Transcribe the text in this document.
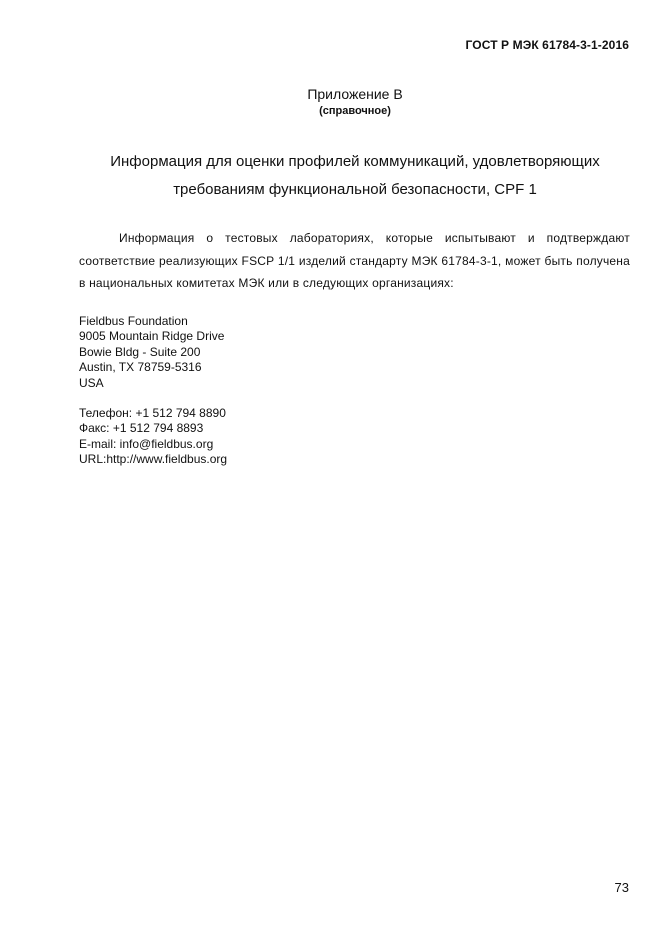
ГОСТ Р МЭК 61784-3-1-2016
Приложение В
(справочное)
Информация для оценки профилей коммуникаций, удовлетворяющих
требованиям функциональной безопасности, CPF 1

Информация о тестовых лабораториях, которые испытывают и подтверждают соответствие реализующих FSCP 1/1 изделий стандарту МЭК 61784-3-1, может быть получена в национальных комитетах МЭК или в следующих организациях:

Fieldbus Foundation
9005 Mountain Ridge Drive
Bowie Bldg - Suite 200
Austin, TX 78759-5316
USA
Телефон: +1 512 794 8890
Факс: +1 512 794 8893
E-mail: info@fieldbus.org
URL:http://www.fieldbus.org
73
